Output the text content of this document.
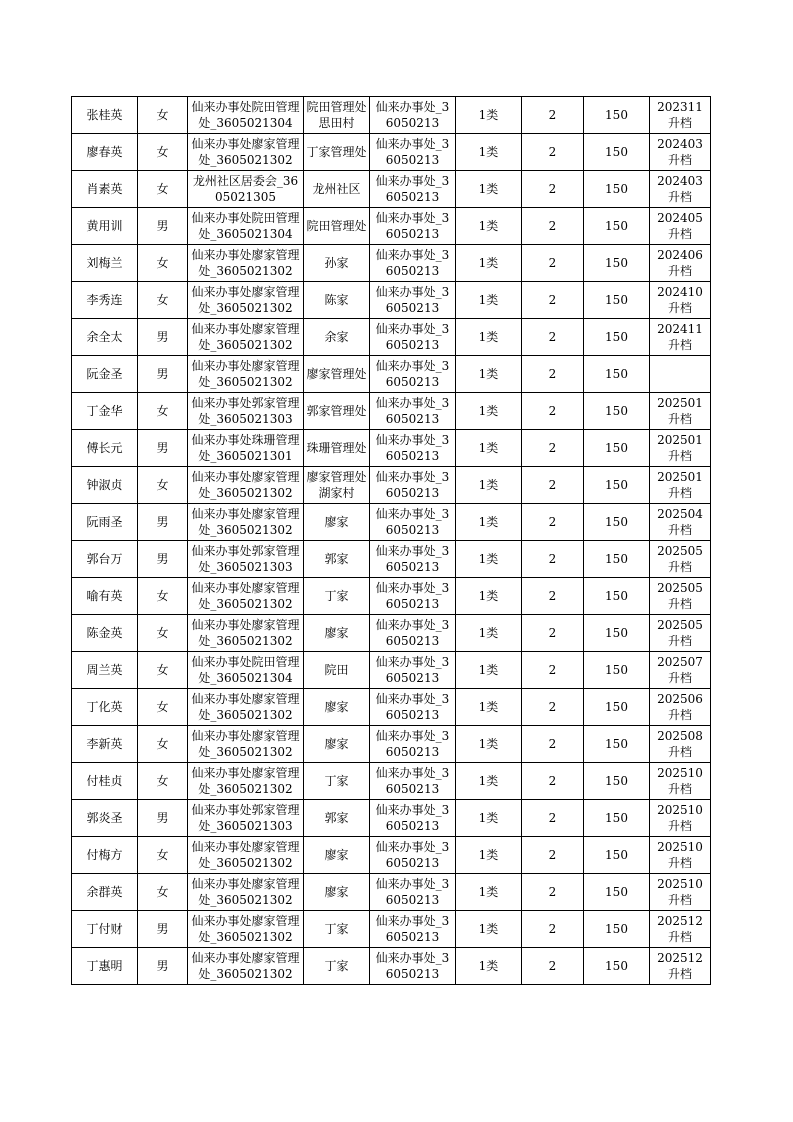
张桂英	女	仙来办事处院田管理处_3605021304	院田管理处思田村	仙来办事处_36050213	1类	2	150	202311升档
廖春英	女	仙来办事处廖家管理处_3605021302	丁家管理处	仙来办事处_36050213	1类	2	150	202403升档
肖素英	女	龙州社区居委会_3605021305	龙州社区	仙来办事处_36050213	1类	2	150	202403升档
黄用训	男	仙来办事处院田管理处_3605021304	院田管理处	仙来办事处_36050213	1类	2	150	202405升档
刘梅兰	女	仙来办事处廖家管理处_3605021302	孙家	仙来办事处_36050213	1类	2	150	202406升档
李秀连	女	仙来办事处廖家管理处_3605021302	陈家	仙来办事处_36050213	1类	2	150	202410升档
余全太	男	仙来办事处廖家管理处_3605021302	余家	仙来办事处_36050213	1类	2	150	202411升档
阮金圣	男	仙来办事处廖家管理处_3605021302	廖家管理处	仙来办事处_36050213	1类	2	150	
丁金华	女	仙来办事处郭家管理处_3605021303	郭家管理处	仙来办事处_36050213	1类	2	150	202501升档
傅长元	男	仙来办事处珠珊管理处_3605021301	珠珊管理处	仙来办事处_36050213	1类	2	150	202501升档
钟淑贞	女	仙来办事处廖家管理处_3605021302	廖家管理处湖家村	仙来办事处_36050213	1类	2	150	202501升档
阮雨圣	男	仙来办事处廖家管理处_3605021302	廖家	仙来办事处_36050213	1类	2	150	202504升档
郭台万	男	仙来办事处郭家管理处_3605021303	郭家	仙来办事处_36050213	1类	2	150	202505升档
喻有英	女	仙来办事处廖家管理处_3605021302	丁家	仙来办事处_36050213	1类	2	150	202505升档
陈金英	女	仙来办事处廖家管理处_3605021302	廖家	仙来办事处_36050213	1类	2	150	202505升档
周兰英	女	仙来办事处院田管理处_3605021304	院田	仙来办事处_36050213	1类	2	150	202507升档
丁化英	女	仙来办事处廖家管理处_3605021302	廖家	仙来办事处_36050213	1类	2	150	202506升档
李新英	女	仙来办事处廖家管理处_3605021302	廖家	仙来办事处_36050213	1类	2	150	202508升档
付桂贞	女	仙来办事处廖家管理处_3605021302	丁家	仙来办事处_36050213	1类	2	150	202510升档
郭炎圣	男	仙来办事处郭家管理处_3605021303	郭家	仙来办事处_36050213	1类	2	150	202510升档
付梅方	女	仙来办事处廖家管理处_3605021302	廖家	仙来办事处_36050213	1类	2	150	202510升档
余群英	女	仙来办事处廖家管理处_3605021302	廖家	仙来办事处_36050213	1类	2	150	202510升档
丁付财	男	仙来办事处廖家管理处_3605021302	丁家	仙来办事处_36050213	1类	2	150	202512升档
丁惠明	男	仙来办事处廖家管理处_3605021302	丁家	仙来办事处_36050213	1类	2	150	202512升档
